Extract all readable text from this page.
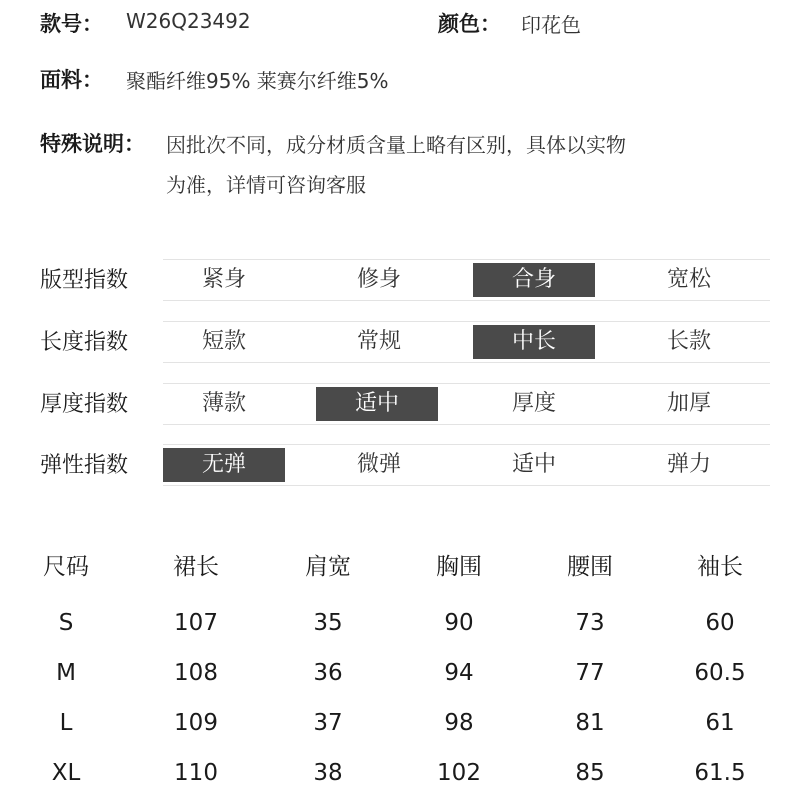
款号： W26Q23492	颜色： 印花色
面料： 聚酯纤维95% 莱赛尔纤维5%
特殊说明： 因批次不同，成分材质含量上略有区别，具体以实物
为准，详情可咨询客服
版型指数	紧身	修身	合身	宽松
长度指数	短款	常规	中长	长款
厚度指数	薄款	适中	厚度	加厚
弹性指数	无弹	微弹	适中	弹力
尺码	裙长	肩宽	胸围	腰围	袖长
S	107	35	90	73	60
M	108	36	94	77	60.5
L	109	37	98	81	61
XL	110	38	102	85	61.5
